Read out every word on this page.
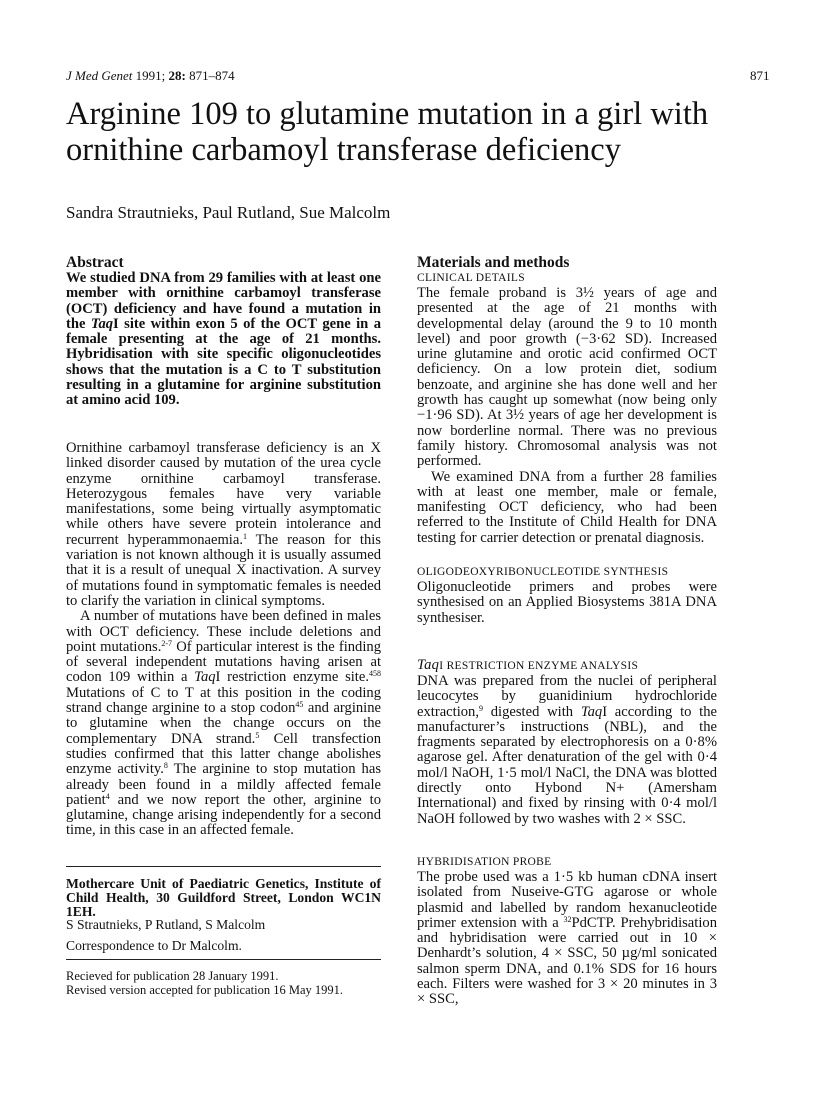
J Med Genet 1991; 28: 871–874	871
Arginine 109 to glutamine mutation in a girl with
ornithine carbamoyl transferase deficiency
Sandra Strautnieks, Paul Rutland, Sue Malcolm
Abstract

We studied DNA from 29 families with at least one member with ornithine carbamoyl transferase (OCT) deficiency and have found a mutation in the TaqI site within exon 5 of the OCT gene in a female presenting at the age of 21 months. Hybridisation with site specific oligonucleotides shows that the mutation is a C to T substitution resulting in a glutamine for arginine substitution at amino acid 109.

Ornithine carbamoyl transferase deficiency is an X linked disorder caused by mutation of the urea cycle enzyme ornithine carbamoyl transferase. Heterozygous females have very variable manifestations, some being virtually asymptomatic while others have severe protein intolerance and recurrent hyperammonaemia.$^1$ The reason for this variation is not known although it is usually assumed that it is a result of unequal X inactivation. A survey of mutations found in symptomatic females is needed to clarify the variation in clinical symptoms.

A number of mutations have been defined in males with OCT deficiency. These include deletions and point mutations.$^{2-7}$ Of particular interest is the finding of several independent mutations having arisen at codon 109 within a TaqI restriction enzyme site.$^{458}$ Mutations of C to T at this position in the coding strand change arginine to a stop codon$^{45}$ and arginine to glutamine when the change occurs on the complementary DNA strand.$^5$ Cell transfection studies confirmed that this latter change abolishes enzyme activity.$^8$ The arginine to stop mutation has already been found in a mildly affected female patient$^4$ and we now report the other, arginine to glutamine, change arising independently for a second time, in this case in an affected female.

Mothercare Unit of Paediatric Genetics, Institute of Child Health, 30 Guildford Street, London WC1N 1EH.

S Strautnieks, P Rutland, S Malcolm

Correspondence to Dr Malcolm.

Recieved for publication 28 January 1991.
Revised version accepted for publication 16 May 1991.
Materials and methods
CLINICAL DETAILS

The female proband is 3½ years of age and presented at the age of 21 months with developmental delay (around the 9 to 10 month level) and poor growth (−3·62 SD). Increased urine glutamine and orotic acid confirmed OCT deficiency. On a low protein diet, sodium benzoate, and arginine she has done well and her growth has caught up somewhat (now being only −1·96 SD). At 3½ years of age her development is now borderline normal. There was no previous family history. Chromosomal analysis was not performed.

We examined DNA from a further 28 families with at least one member, male or female, manifesting OCT deficiency, who had been referred to the Institute of Child Health for DNA testing for carrier detection or prenatal diagnosis.

OLIGODEOXYRIBONUCLEOTIDE SYNTHESIS

Oligonucleotide primers and probes were synthesised on an Applied Biosystems 381A DNA synthesiser.

TaqI RESTRICTION ENZYME ANALYSIS

DNA was prepared from the nuclei of peripheral leucocytes by guanidinium hydrochloride extraction,$^9$ digested with TaqI according to the manufacturer’s instructions (NBL), and the fragments separated by electrophoresis on a 0·8% agarose gel. After denaturation of the gel with 0·4 mol/l NaOH, 1·5 mol/l NaCl, the DNA was blotted directly onto Hybond N+ (Amersham International) and fixed by rinsing with 0·4 mol/l NaOH followed by two washes with 2 × SSC.

HYBRIDISATION PROBE

The probe used was a 1·5 kb human cDNA insert isolated from Nuseive-GTG agarose or whole plasmid and labelled by random hexanucleotide primer extension with a $^{32}$PdCTP. Prehybridisation and hybridisation were carried out in 10 × Denhardt’s solution, 4 × SSC, 50 µg/ml sonicated salmon sperm DNA, and 0.1% SDS for 16 hours each. Filters were washed for 3 × 20 minutes in 3 × SSC,
